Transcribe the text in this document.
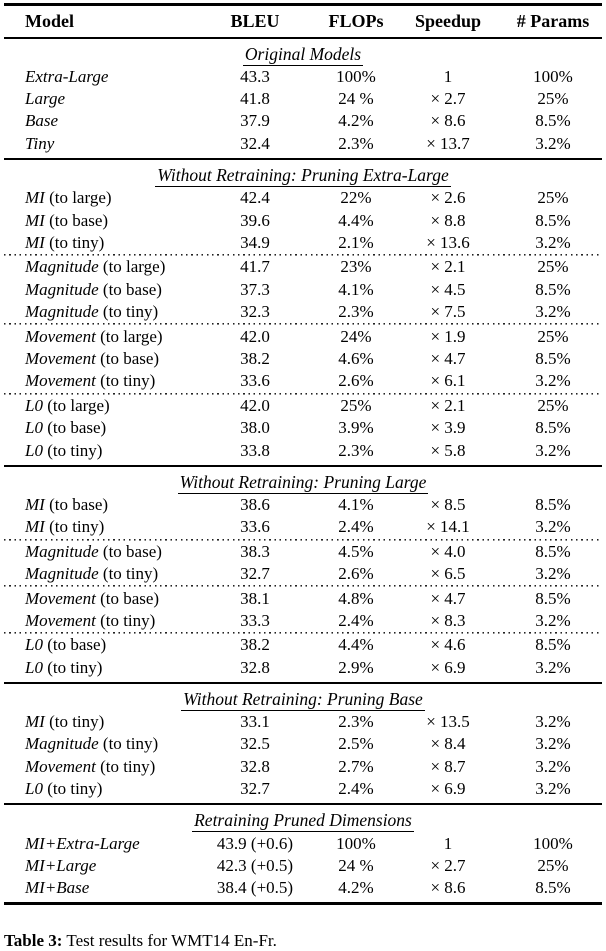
Model	BLEU	FLOPs	Speedup	# Params
Original Models
Extra-Large	43.3	100%	1	100%
Large	41.8	24 %	× 2.7	25%
Base	37.9	4.2%	× 8.6	8.5%
Tiny	32.4	2.3%	× 13.7	3.2%
Without Retraining: Pruning Extra-Large
MI (to large)	42.4	22%	× 2.6	25%
MI (to base)	39.6	4.4%	× 8.8	8.5%
MI (to tiny)	34.9	2.1%	× 13.6	3.2%
Magnitude (to large)	41.7	23%	× 2.1	25%
Magnitude (to base)	37.3	4.1%	× 4.5	8.5%
Magnitude (to tiny)	32.3	2.3%	× 7.5	3.2%
Movement (to large)	42.0	24%	× 1.9	25%
Movement (to base)	38.2	4.6%	× 4.7	8.5%
Movement (to tiny)	33.6	2.6%	× 6.1	3.2%
L0 (to large)	42.0	25%	× 2.1	25%
L0 (to base)	38.0	3.9%	× 3.9	8.5%
L0 (to tiny)	33.8	2.3%	× 5.8	3.2%
Without Retraining: Pruning Large
MI (to base)	38.6	4.1%	× 8.5	8.5%
MI (to tiny)	33.6	2.4%	× 14.1	3.2%
Magnitude (to base)	38.3	4.5%	× 4.0	8.5%
Magnitude (to tiny)	32.7	2.6%	× 6.5	3.2%
Movement (to base)	38.1	4.8%	× 4.7	8.5%
Movement (to tiny)	33.3	2.4%	× 8.3	3.2%
L0 (to base)	38.2	4.4%	× 4.6	8.5%
L0 (to tiny)	32.8	2.9%	× 6.9	3.2%
Without Retraining: Pruning Base
MI (to tiny)	33.1	2.3%	× 13.5	3.2%
Magnitude (to tiny)	32.5	2.5%	× 8.4	3.2%
Movement (to tiny)	32.8	2.7%	× 8.7	3.2%
L0 (to tiny)	32.7	2.4%	× 6.9	3.2%
Retraining Pruned Dimensions
MI+Extra-Large	43.9 (+0.6)	100%	1	100%
MI+Large	42.3 (+0.5)	24 %	× 2.7	25%
MI+Base	38.4 (+0.5)	4.2%	× 8.6	8.5%
Table 3: Test results for WMT14 En-Fr.
